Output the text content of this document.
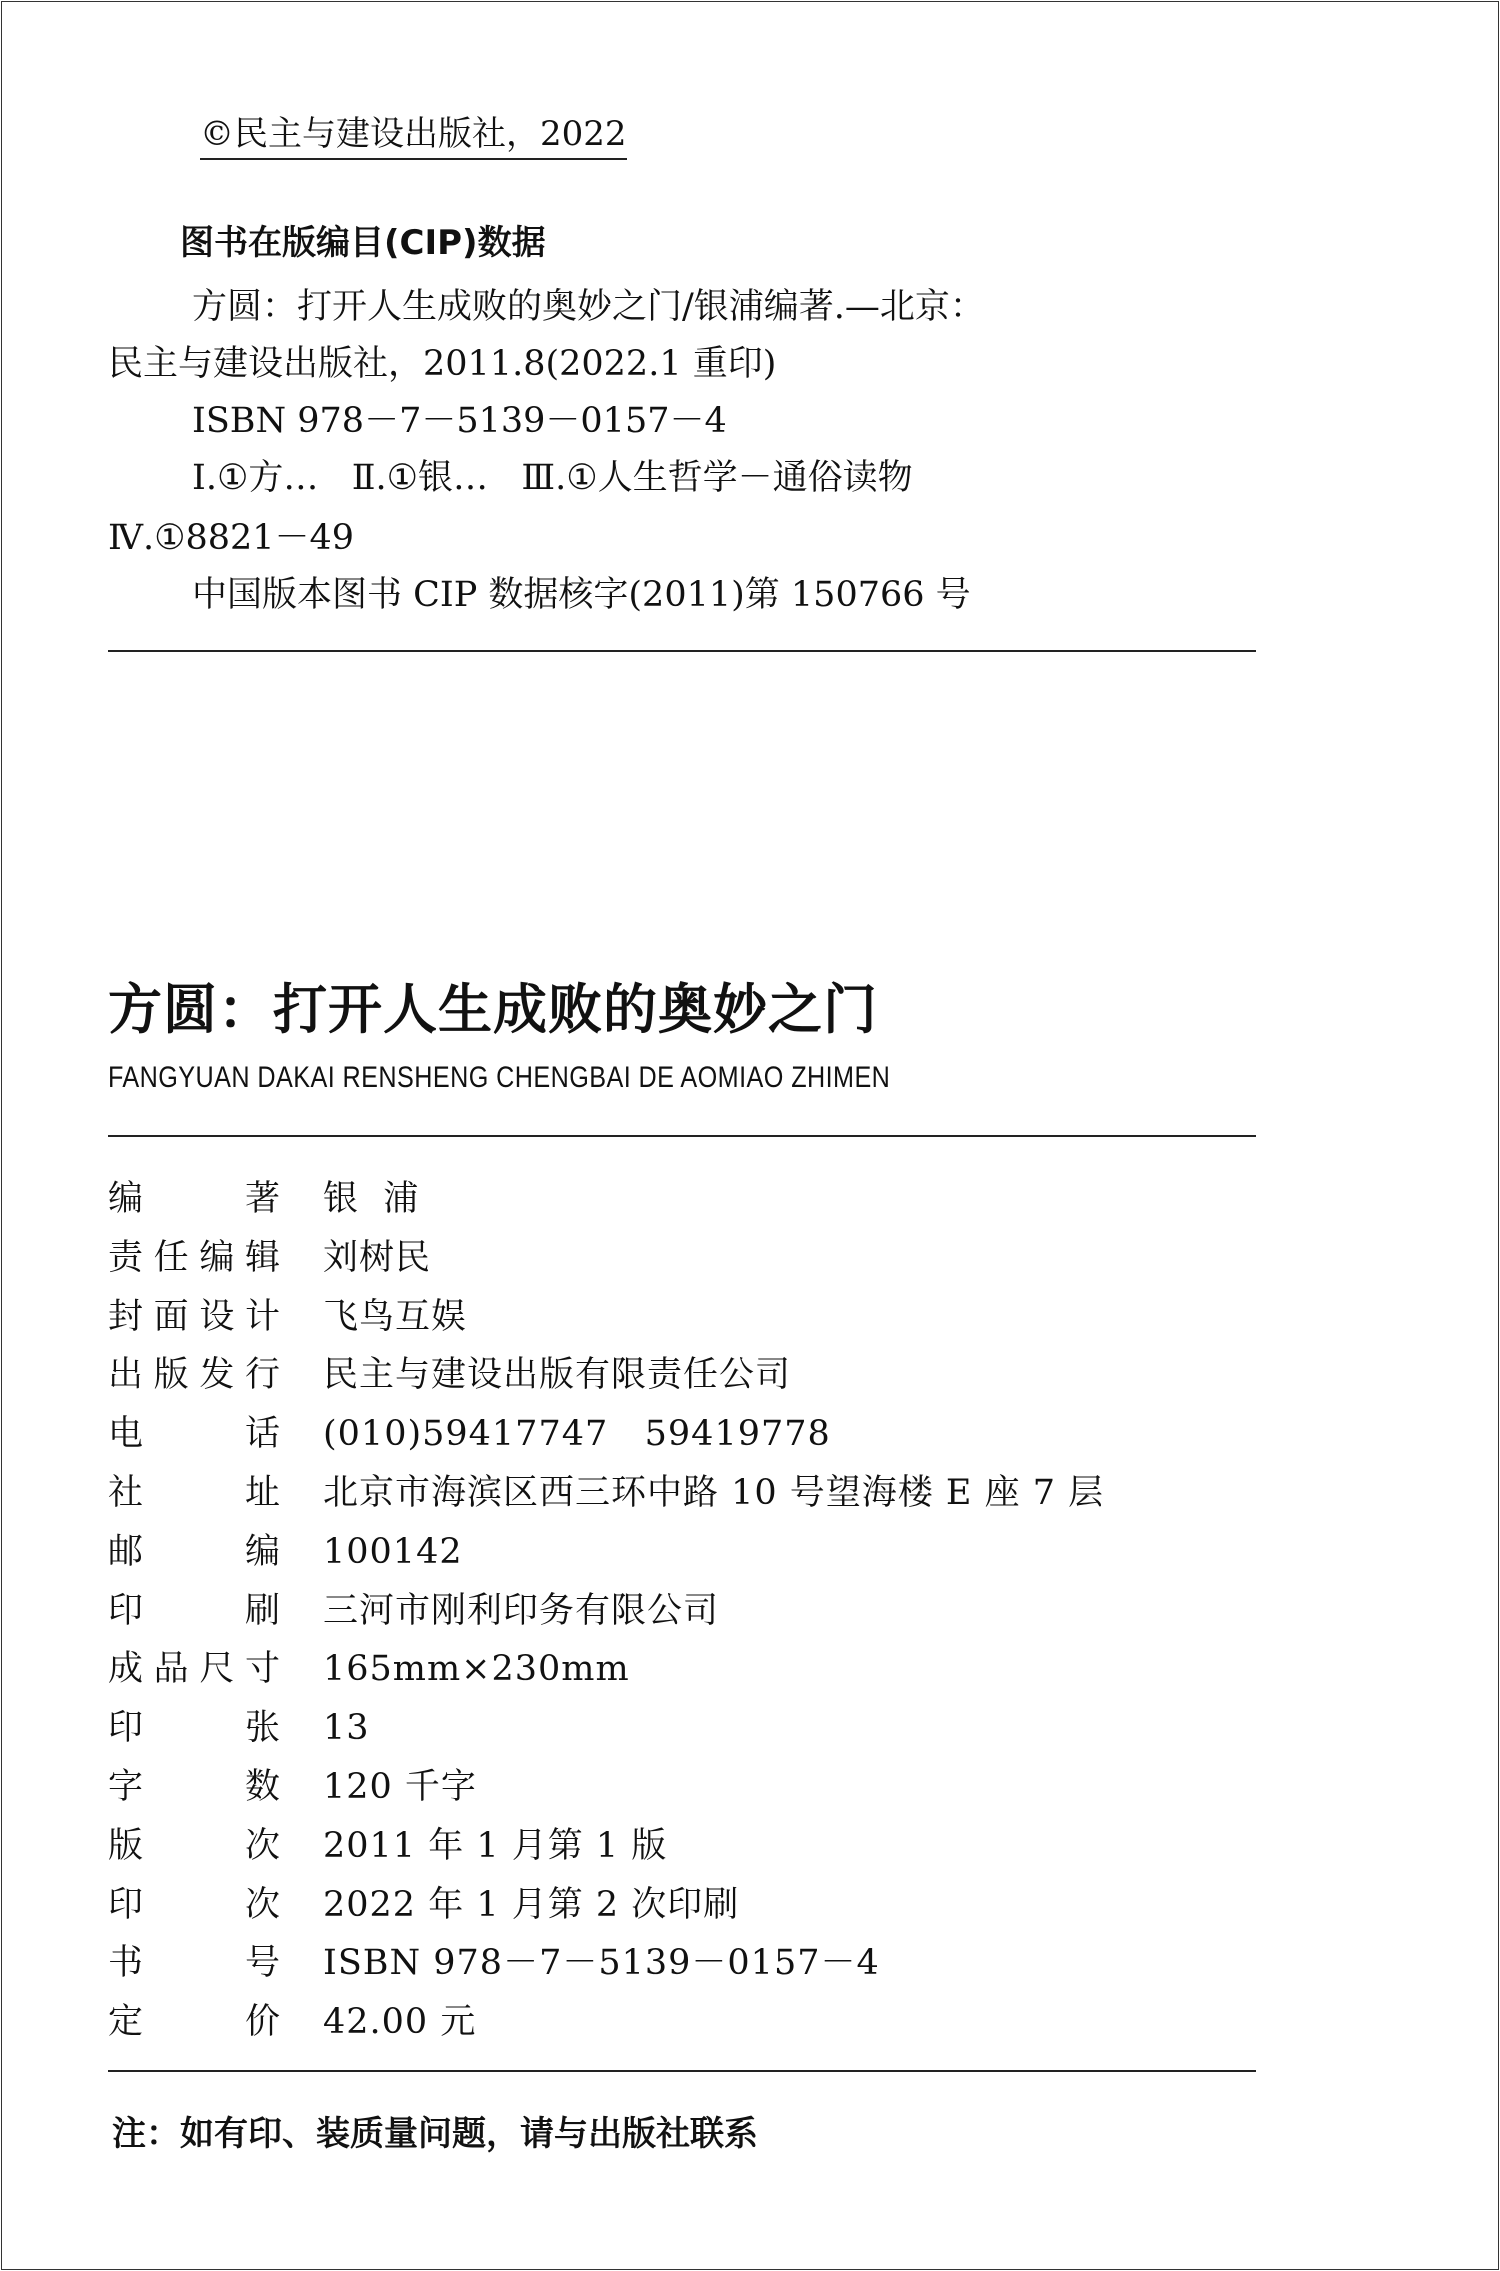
©民主与建设出版社，2022
图书在版编目(CIP)数据
方圆：打开人生成败的奥妙之门/银浦编著.—北京：
民主与建设出版社，2011.8(2022.1 重印)
ISBN 978－7－5139－0157－4
Ⅰ.①方…   Ⅱ.①银…   Ⅲ.①人生哲学－通俗读物
Ⅳ.①8821－49
中国版本图书 CIP 数据核字(2011)第 150766 号
方圆：打开人生成败的奥妙之门
FANGYUAN DAKAI RENSHENG CHENGBAI DE AOMIAO ZHIMEN
编	著 银  浦
责 任 编 辑 刘树民
封 面 设 计 飞鸟互娱
出 版 发 行 民主与建设出版有限责任公司
电	话 (010)59417747   59419778
社	址 北京市海滨区西三环中路 10 号望海楼 E 座 7 层
邮	编 100142
印	刷 三河市刚利印务有限公司
成 品 尺 寸 165mm×230mm
印	张 13
字	数 120 千字
版	次 2011 年 1 月第 1 版
印	次 2022 年 1 月第 2 次印刷
书	号 ISBN 978－7－5139－0157－4
定	价 42.00 元
注：如有印、装质量问题，请与出版社联系
